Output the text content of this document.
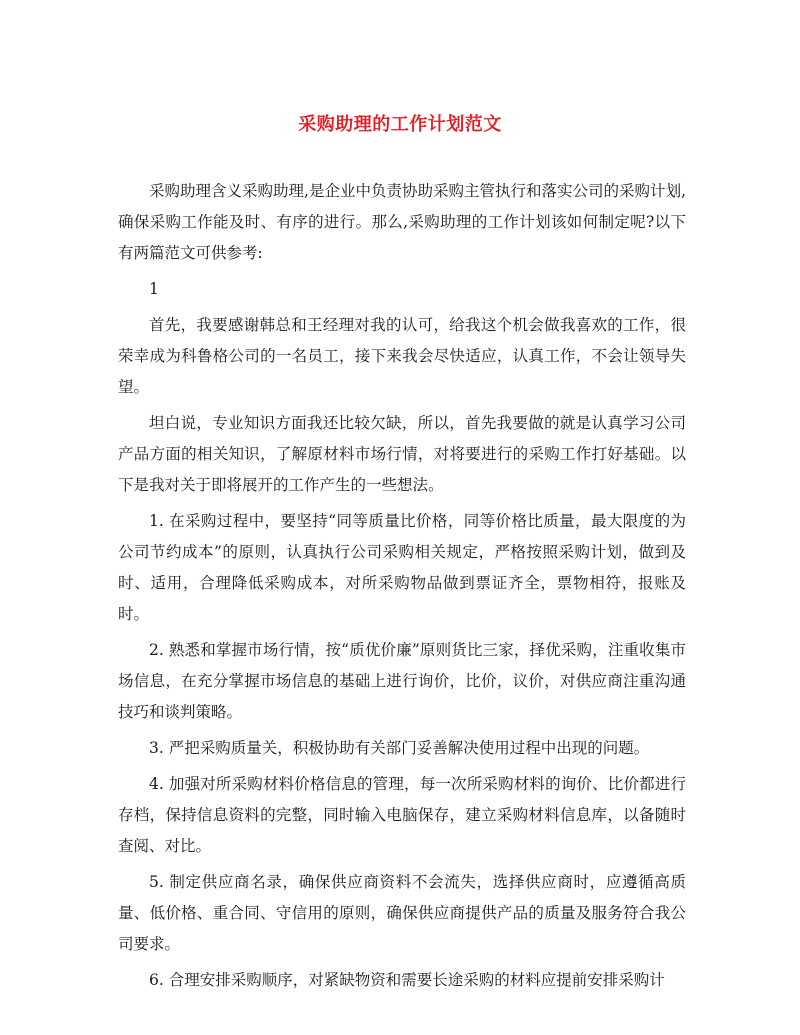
采购助理的工作计划范文

采购助理含义采购助理,是企业中负责协助采购主管执行和落实公司的采购计划,确保采购工作能及时、有序的进行。那么,采购助理的工作计划该如何制定呢?以下有两篇范文可供参考:

1

首先，我要感谢韩总和王经理对我的认可，给我这个机会做我喜欢的工作，很荣幸成为科鲁格公司的一名员工，接下来我会尽快适应，认真工作，不会让领导失望。

坦白说，专业知识方面我还比较欠缺，所以，首先我要做的就是认真学习公司产品方面的相关知识，了解原材料市场行情，对将要进行的采购工作打好基础。以下是我对关于即将展开的工作产生的一些想法。

1. 在采购过程中，要坚持“同等质量比价格，同等价格比质量，最大限度的为公司节约成本”的原则，认真执行公司采购相关规定，严格按照采购计划，做到及时、适用，合理降低采购成本，对所采购物品做到票证齐全，票物相符，报账及时。

2. 熟悉和掌握市场行情，按“质优价廉”原则货比三家，择优采购，注重收集市场信息，在充分掌握市场信息的基础上进行询价，比价，议价，对供应商注重沟通技巧和谈判策略。

3. 严把采购质量关，积极协助有关部门妥善解决使用过程中出现的问题。

4. 加强对所采购材料价格信息的管理，每一次所采购材料的询价、比价都进行存档，保持信息资料的完整，同时输入电脑保存，建立采购材料信息库，以备随时查阅、对比。

5. 制定供应商名录，确保供应商资料不会流失，选择供应商时，应遵循高质量、低价格、重合同、守信用的原则，确保供应商提供产品的质量及服务符合我公司要求。

6. 合理安排采购顺序，对紧缺物资和需要长途采购的材料应提前安排采购计
